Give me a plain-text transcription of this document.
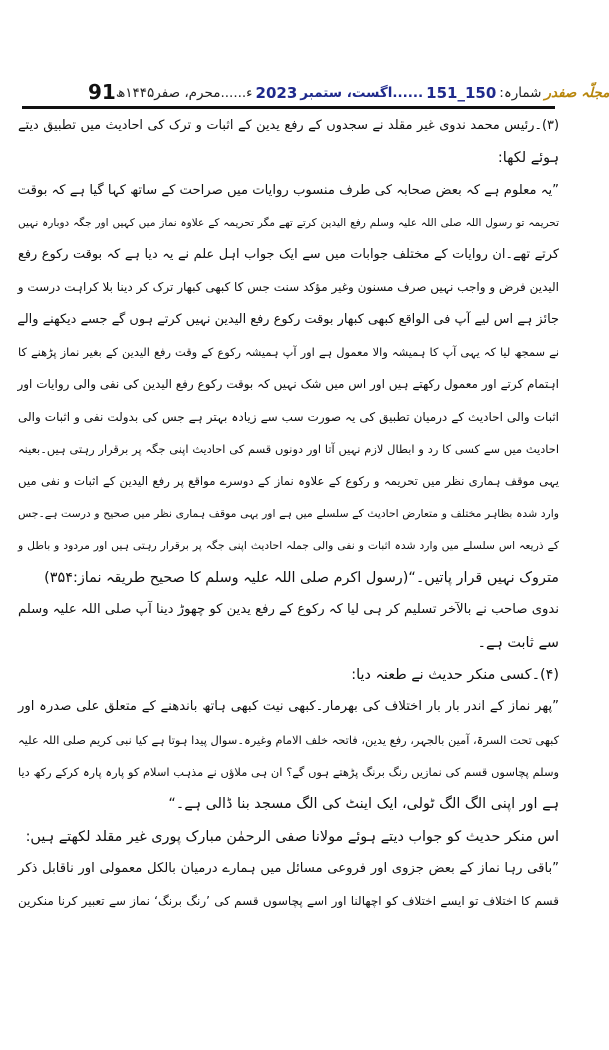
91	مجلّہ صفدر
شمارہ:
151_150
......اگست، ستمبر
2023
ء......محرم، صفر۱۴۴۵ھ
(۳)۔رئیس محمد ندوی غیر مقلد نے سجدوں کے رفع یدین کے اثبات و ترک کی احادیث میں تطبیق دیتے
ہوئے لکھا:
”یہ معلوم ہے کہ بعض صحابہ کی طرف منسوب روایات میں صراحت کے ساتھ کہا گیا ہے کہ بوقت
تحریمہ تو رسول اللہ صلی اللہ علیہ وسلم رفع الیدین کرتے تھے مگر تحریمہ کے علاوہ نماز میں کہیں اور جگہ دوبارہ نہیں
کرتے تھے۔ان روایات کے مختلف جوابات میں سے ایک جواب اہل علم نے یہ دیا ہے کہ بوقت رکوع رفع
الیدین فرض و واجب نہیں صرف مسنون وغیر مؤکد سنت جس کا کبھی کبھار ترک کر دینا بلا کراہت درست و
جائز ہے اس لیے آپ فی الواقع کبھی کبھار بوقت رکوع رفع الیدین نہیں کرتے ہوں گے جسے دیکھنے والے
نے سمجھ لیا کہ یہی آپ کا ہمیشہ والا معمول ہے اور آپ ہمیشہ رکوع کے وقت رفع الیدین کے بغیر نماز پڑھنے کا
اہتمام کرتے اور معمول رکھتے ہیں اور اس میں شک نہیں کہ بوقت رکوع رفع الیدین کی نفی والی روایات اور
اثبات والی احادیث کے درمیان تطبیق کی یہ صورت سب سے زیادہ بہتر ہے جس کی بدولت نفی و اثبات والی
احادیث میں سے کسی کا رد و ابطال لازم نہیں آتا اور دونوں قسم کی احادیث اپنی جگہ پر برقرار رہتی ہیں۔بعینہ
یہی موقف ہماری نظر میں تحریمہ و رکوع کے علاوہ نماز کے دوسرے مواقع پر رفع الیدین کے اثبات و نفی میں
وارد شدہ بظاہر مختلف و متعارض احادیث کے سلسلے میں ہے اور یہی موقف ہماری نظر میں صحیح و درست ہے۔جس
کے ذریعہ اس سلسلے میں وارد شدہ اثبات و نفی والی جملہ احادیث اپنی جگہ پر برقرار رہتی ہیں اور مردود و باطل و
متروک نہیں قرار پاتیں۔“(رسول اکرم صلی اللہ علیہ وسلم کا صحیح طریقہ نماز:۳۵۴)
ندوی صاحب نے بالآخر تسلیم کر ہی لیا کہ رکوع کے رفع یدین کو چھوڑ دینا آپ صلی اللہ علیہ وسلم
سے ثابت ہے۔
(۴)۔کسی منکر حدیث نے طعنہ دیا:
”پھر نماز کے اندر بار بار اختلاف کی بھرمار۔کبھی نیت کبھی ہاتھ باندھنے کے متعلق علی صدرہ اور
کبھی تحت السرۃ، آمین بالجہر، رفع یدین، فاتحہ خلف الامام وغیرہ۔سوال پیدا ہوتا ہے کیا نبی کریم صلی اللہ علیہ
وسلم پچاسوں قسم کی نمازیں رنگ برنگ پڑھتے ہوں گے؟ ان ہی ملاؤں نے مذہب اسلام کو پارہ پارہ کرکے رکھ دیا
ہے اور اپنی الگ الگ ٹولی، ایک اینٹ کی الگ مسجد بنا ڈالی ہے۔“
اس منکر حدیث کو جواب دیتے ہوئے مولانا صفی الرحمٰن مبارک پوری غیر مقلد لکھتے ہیں:
”باقی رہا نماز کے بعض جزوی اور فروعی مسائل میں ہمارے درمیان بالکل معمولی اور ناقابل ذکر
قسم کا اختلاف تو ایسے اختلاف کو اچھالنا اور اسے پچاسوں قسم کی ’رنگ برنگ‘ نماز سے تعبیر کرنا منکرین
